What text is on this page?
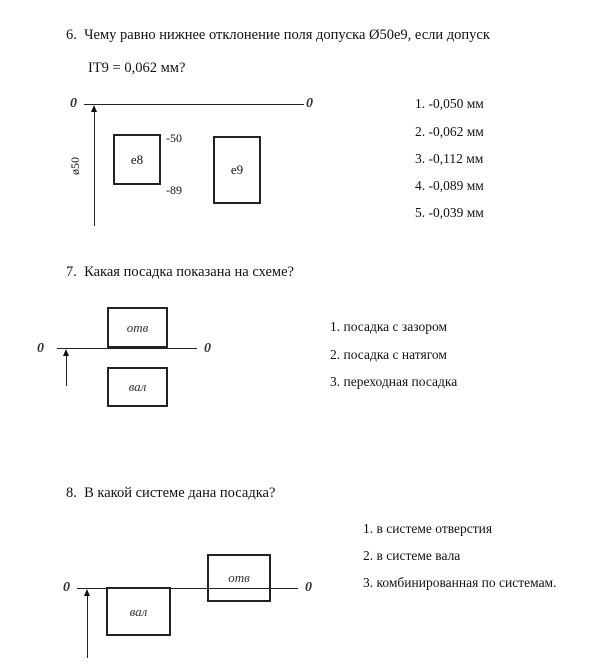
6. Чему равно нижнее отклонение поля допуска Ø50е9, если допуск
IT9 = 0,062 мм?
0	0
ø50	e8
-50
-89
e9
1. -0,050 мм
2. -0,062 мм
3. -0,112 мм
4. -0,089 мм
5. -0,039 мм
7. Какая посадка показана на схеме?
отв
0	0
вал
1. посадка с зазором
2. посадка с натягом
3. переходная посадка
8. В какой системе дана посадка?
отв
0	0
вал
1. в системе отверстия
2. в системе вала
3. комбинированная по системам.
